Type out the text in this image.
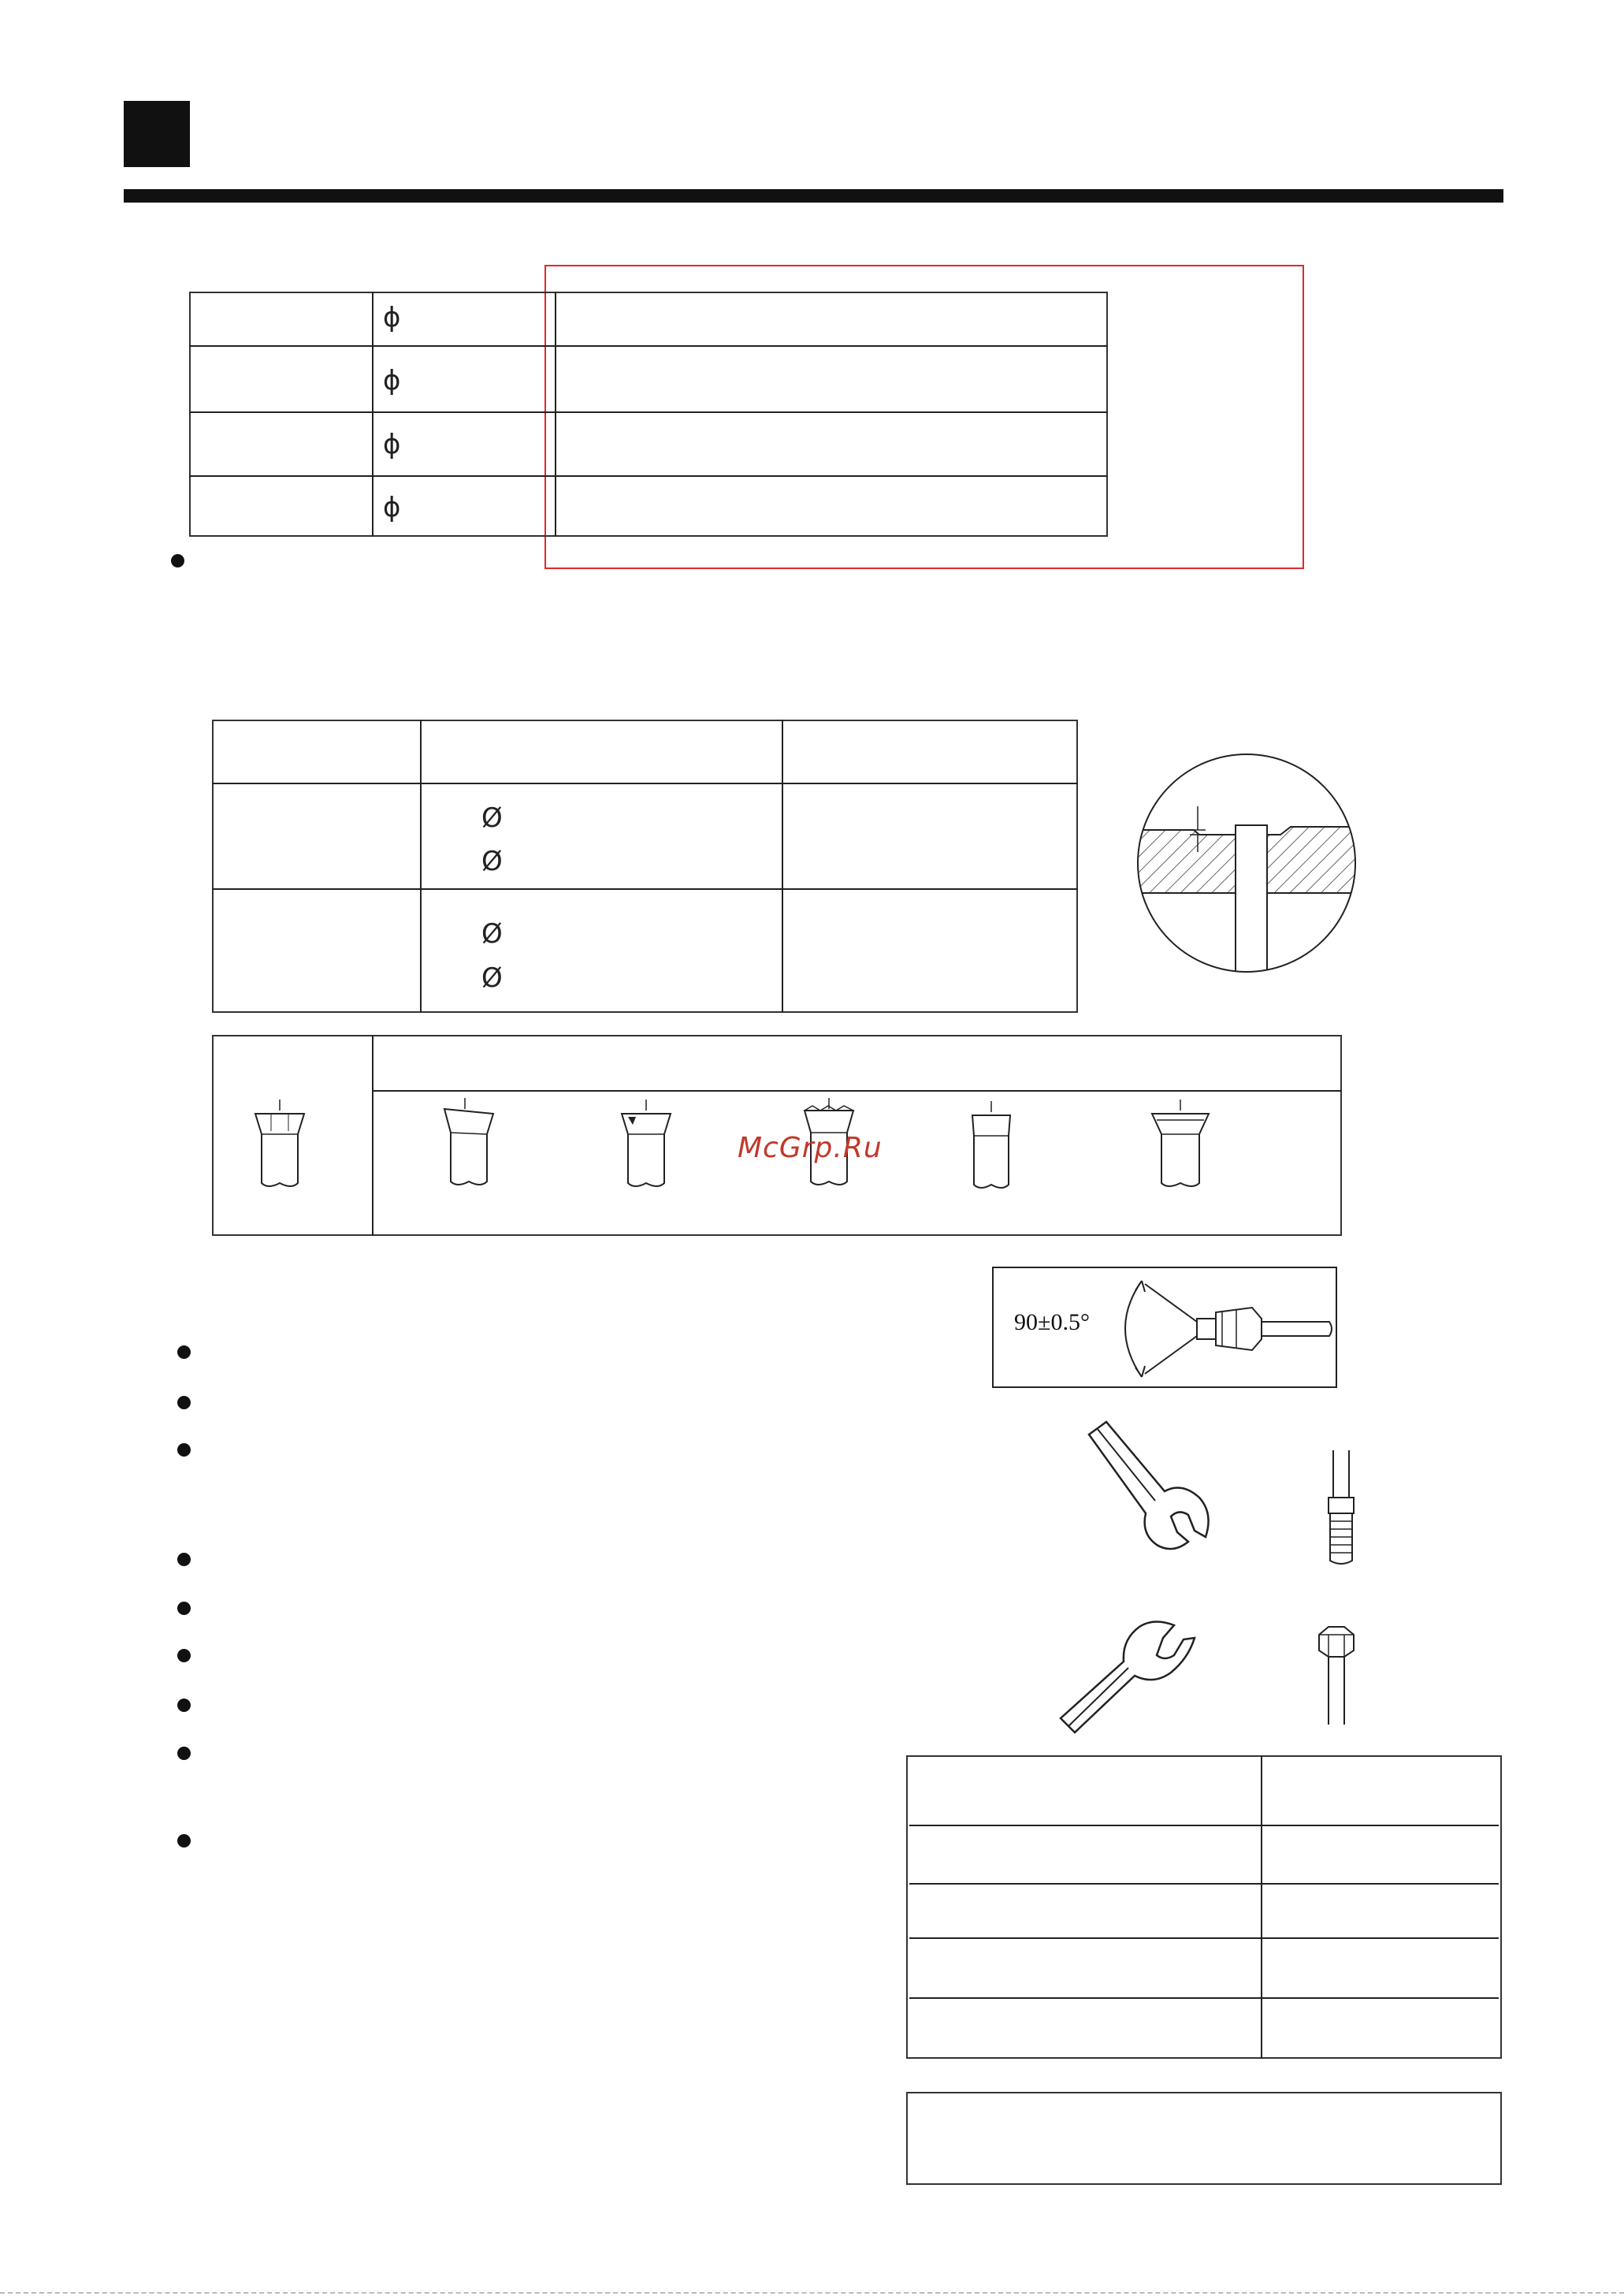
ϕ
ϕ
ϕ
ϕ
Ø
Ø
Ø
Ø
McGrp.Ru
90±0.5°
